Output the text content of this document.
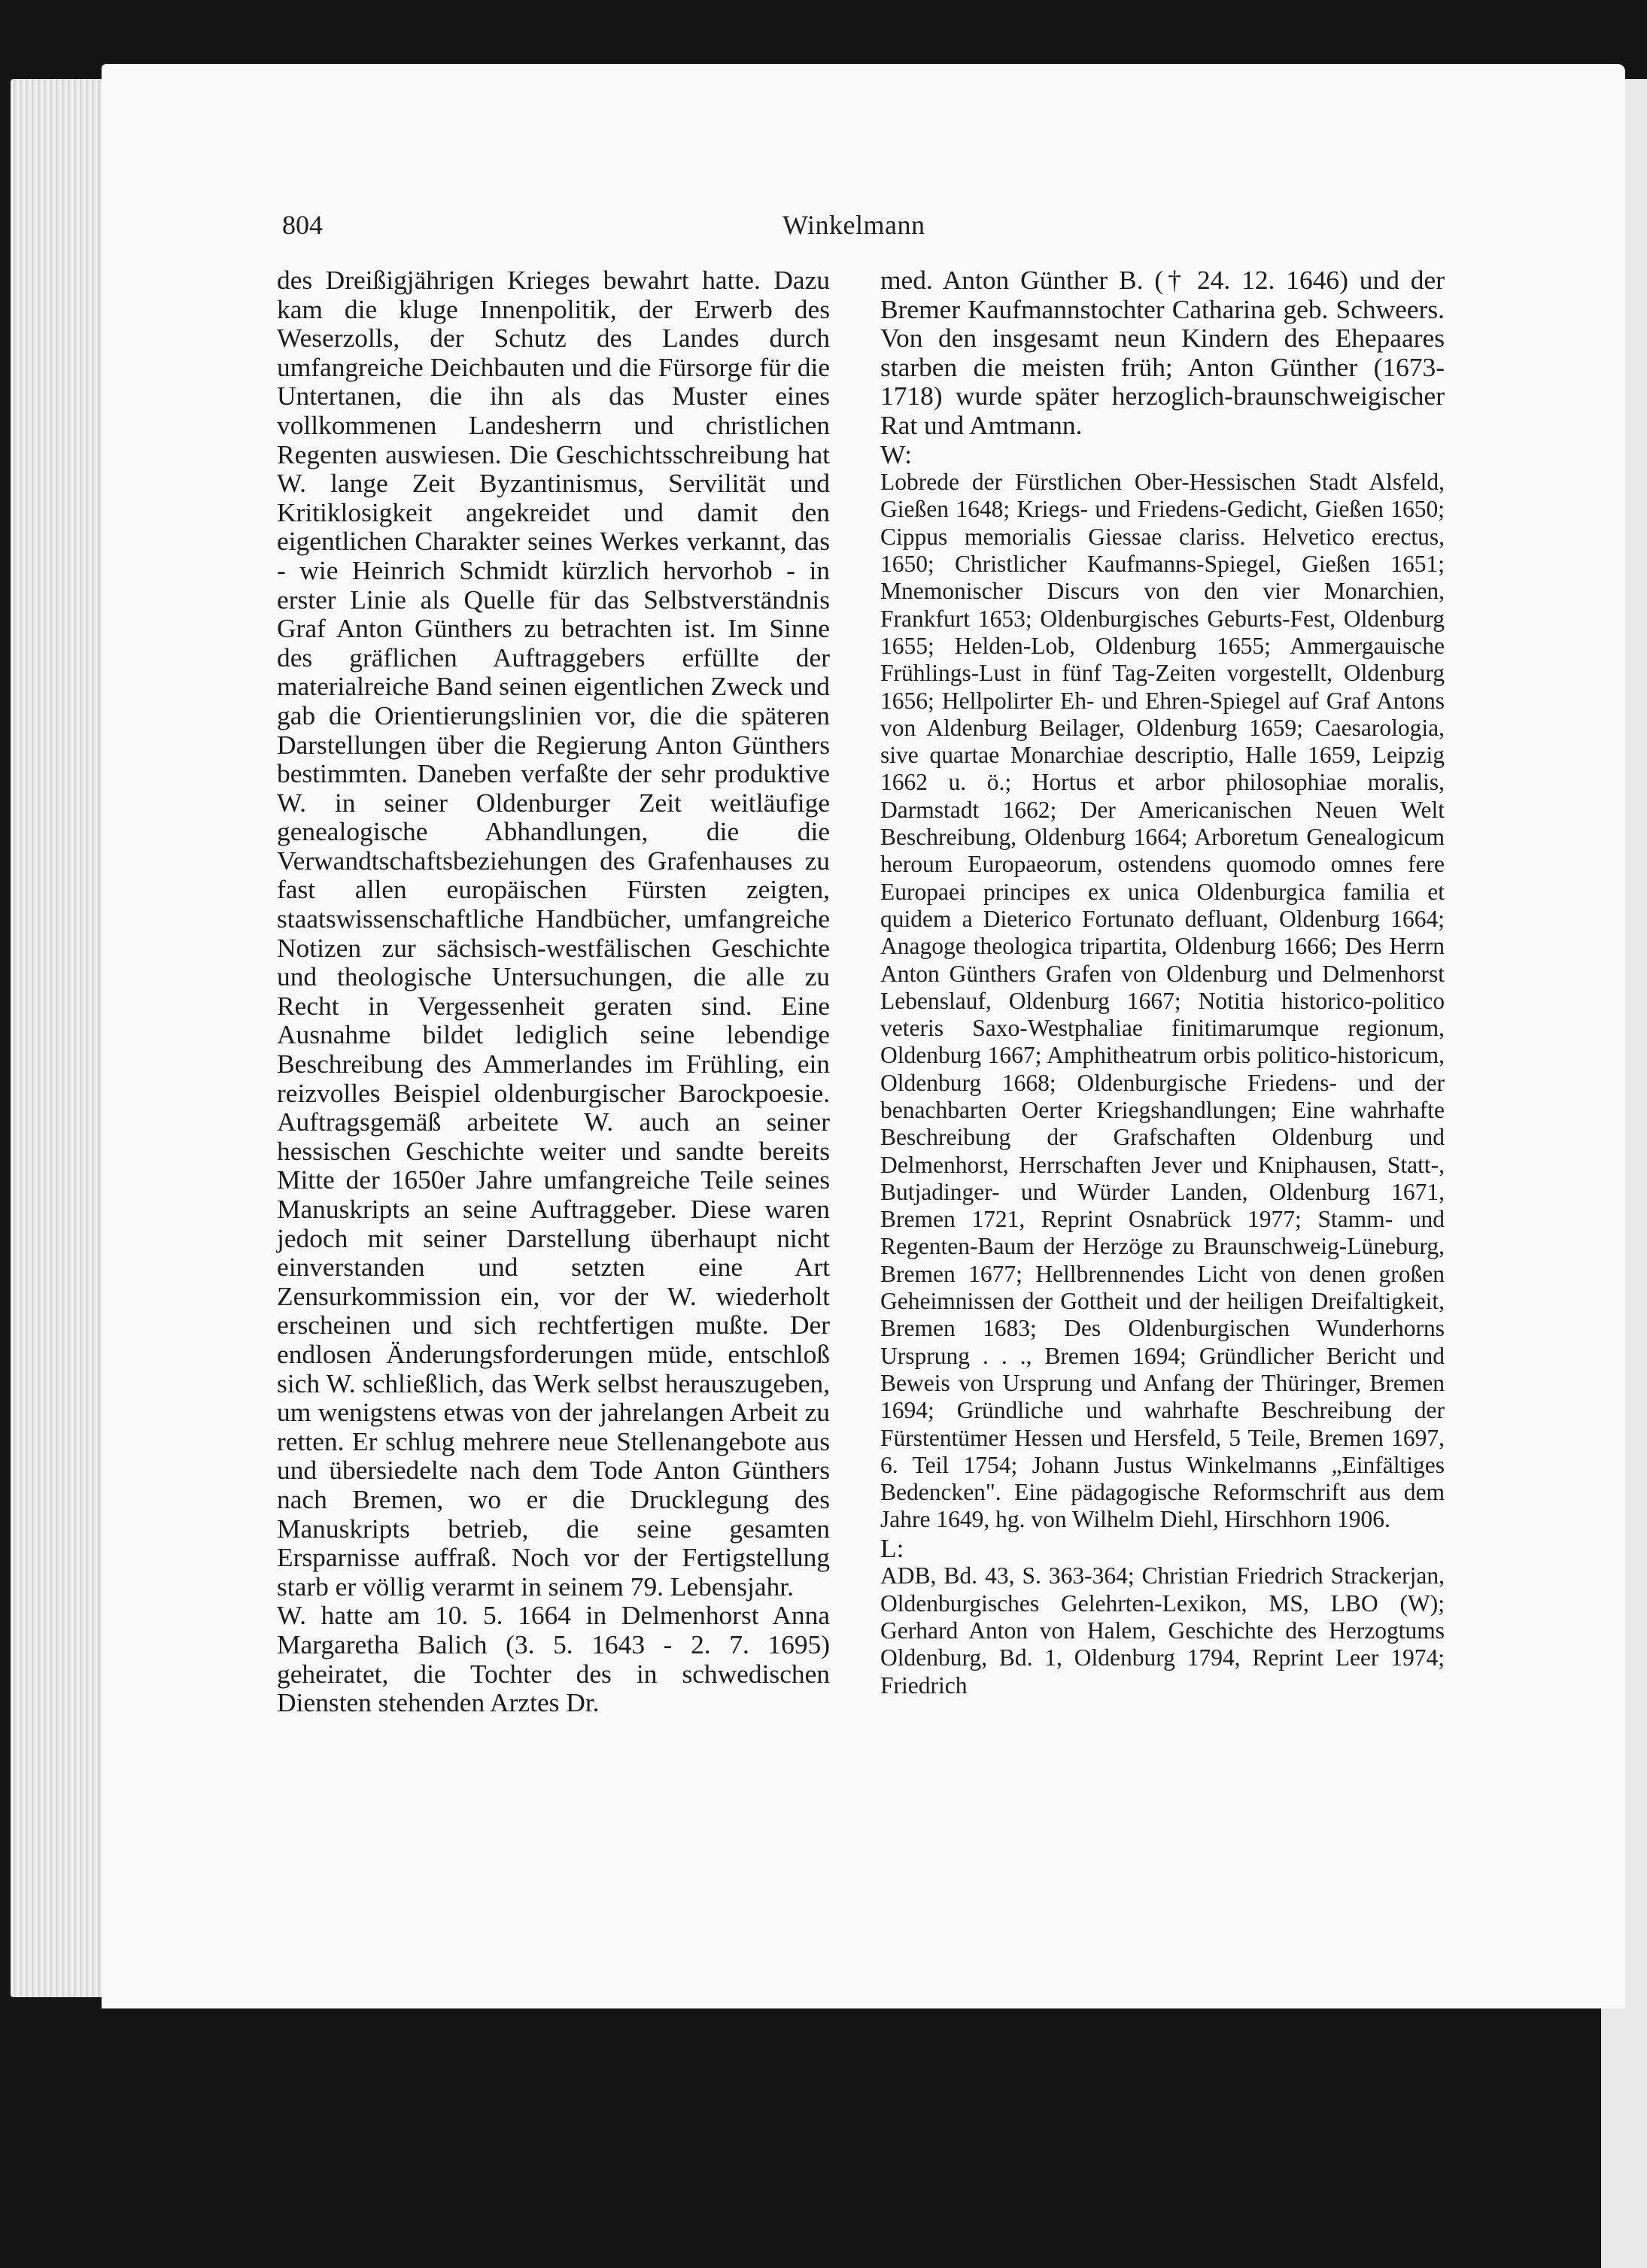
804	Winkelmann

des Dreißigjährigen Krieges bewahrt hatte. Dazu kam die kluge Innenpolitik, der Erwerb des Weserzolls, der Schutz des Landes durch umfangreiche Deichbauten und die Fürsorge für die Untertanen, die ihn als das Muster eines vollkommenen Landesherrn und christlichen Regenten auswiesen. Die Geschichtsschreibung hat W. lange Zeit Byzantinismus, Servilität und Kritiklosigkeit angekreidet und damit den eigentlichen Charakter seines Werkes verkannt, das - wie Heinrich Schmidt kürzlich hervorhob - in erster Linie als Quelle für das Selbstverständnis Graf Anton Günthers zu betrachten ist. Im Sinne des gräflichen Auftraggebers erfüllte der materialreiche Band seinen eigentlichen Zweck und gab die Orientierungslinien vor, die die späteren Darstellungen über die Regierung Anton Günthers bestimmten. Daneben verfaßte der sehr produktive W. in seiner Oldenburger Zeit weitläufige genealogische Abhandlungen, die die Verwandtschaftsbeziehungen des Grafenhauses zu fast allen europäischen Fürsten zeigten, staatswissenschaftliche Handbücher, umfangreiche Notizen zur sächsisch-westfälischen Geschichte und theologische Untersuchungen, die alle zu Recht in Vergessenheit geraten sind. Eine Ausnahme bildet lediglich seine lebendige Beschreibung des Ammerlandes im Frühling, ein reizvolles Beispiel oldenburgischer Barockpoesie. Auftragsgemäß arbeitete W. auch an seiner hessischen Geschichte weiter und sandte bereits Mitte der 1650er Jahre umfangreiche Teile seines Manuskripts an seine Auftraggeber. Diese waren jedoch mit seiner Darstellung überhaupt nicht einverstanden und setzten eine Art Zensurkommission ein, vor der W. wiederholt erscheinen und sich rechtfertigen mußte. Der endlosen Änderungsforderungen müde, entschloß sich W. schließlich, das Werk selbst herauszugeben, um wenigstens etwas von der jahrelangen Arbeit zu retten. Er schlug mehrere neue Stellenangebote aus und übersiedelte nach dem Tode Anton Günthers nach Bremen, wo er die Drucklegung des Manuskripts betrieb, die seine gesamten Ersparnisse auffraß. Noch vor der Fertigstellung starb er völlig verarmt in seinem 79. Lebensjahr.

W. hatte am 10. 5. 1664 in Delmenhorst Anna Margaretha Balich (3. 5. 1643 - 2. 7. 1695) geheiratet, die Tochter des in schwedischen Diensten stehenden Arztes Dr.

med. Anton Günther B. († 24. 12. 1646) und der Bremer Kaufmannstochter Catharina geb. Schweers. Von den insgesamt neun Kindern des Ehepaares starben die meisten früh; Anton Günther (1673-1718) wurde später herzoglich-braunschweigischer Rat und Amtmann.

W:

Lobrede der Fürstlichen Ober-Hessischen Stadt Alsfeld, Gießen 1648; Kriegs- und Friedens-Gedicht, Gießen 1650; Cippus memorialis Giessae clariss. Helvetico erectus, 1650; Christlicher Kaufmanns-Spiegel, Gießen 1651; Mnemonischer Discurs von den vier Monarchien, Frankfurt 1653; Oldenburgisches Geburts-Fest, Oldenburg 1655; Helden-Lob, Oldenburg 1655; Ammergauische Frühlings-Lust in fünf Tag-Zeiten vorgestellt, Oldenburg 1656; Hellpolirter Eh- und Ehren-Spiegel auf Graf Antons von Aldenburg Beilager, Oldenburg 1659; Caesarologia, sive quartae Monarchiae descriptio, Halle 1659, Leipzig 1662 u. ö.; Hortus et arbor philosophiae moralis, Darmstadt 1662; Der Americanischen Neuen Welt Beschreibung, Oldenburg 1664; Arboretum Genealogicum heroum Europaeorum, ostendens quomodo omnes fere Europaei principes ex unica Oldenburgica familia et quidem a Dieterico Fortunato defluant, Oldenburg 1664; Anagoge theologica tripartita, Oldenburg 1666; Des Herrn Anton Günthers Grafen von Oldenburg und Delmenhorst Lebenslauf, Oldenburg 1667; Notitia historico-politico veteris Saxo-Westphaliae finitimarumque regionum, Oldenburg 1667; Amphitheatrum orbis politico-historicum, Oldenburg 1668; Oldenburgische Friedens- und der benachbarten Oerter Kriegshandlungen; Eine wahrhafte Beschreibung der Grafschaften Oldenburg und Delmenhorst, Herrschaften Jever und Kniphausen, Statt-, Butjadinger- und Würder Landen, Oldenburg 1671, Bremen 1721, Reprint Osnabrück 1977; Stamm- und Regenten-Baum der Herzöge zu Braunschweig-Lüneburg, Bremen 1677; Hellbrennendes Licht von denen großen Geheimnissen der Gottheit und der heiligen Dreifaltigkeit, Bremen 1683; Des Oldenburgischen Wunderhorns Ursprung . . ., Bremen 1694; Gründlicher Bericht und Beweis von Ursprung und Anfang der Thüringer, Bremen 1694; Gründliche und wahrhafte Beschreibung der Fürstentümer Hessen und Hersfeld, 5 Teile, Bremen 1697, 6. Teil 1754; Johann Justus Winkelmanns „Einfältiges Bedencken". Eine pädagogische Reformschrift aus dem Jahre 1649, hg. von Wilhelm Diehl, Hirschhorn 1906.

L:

ADB, Bd. 43, S. 363-364; Christian Friedrich Strackerjan, Oldenburgisches Gelehrten-Lexikon, MS, LBO (W); Gerhard Anton von Halem, Geschichte des Herzogtums Oldenburg, Bd. 1, Oldenburg 1794, Reprint Leer 1974; Friedrich
